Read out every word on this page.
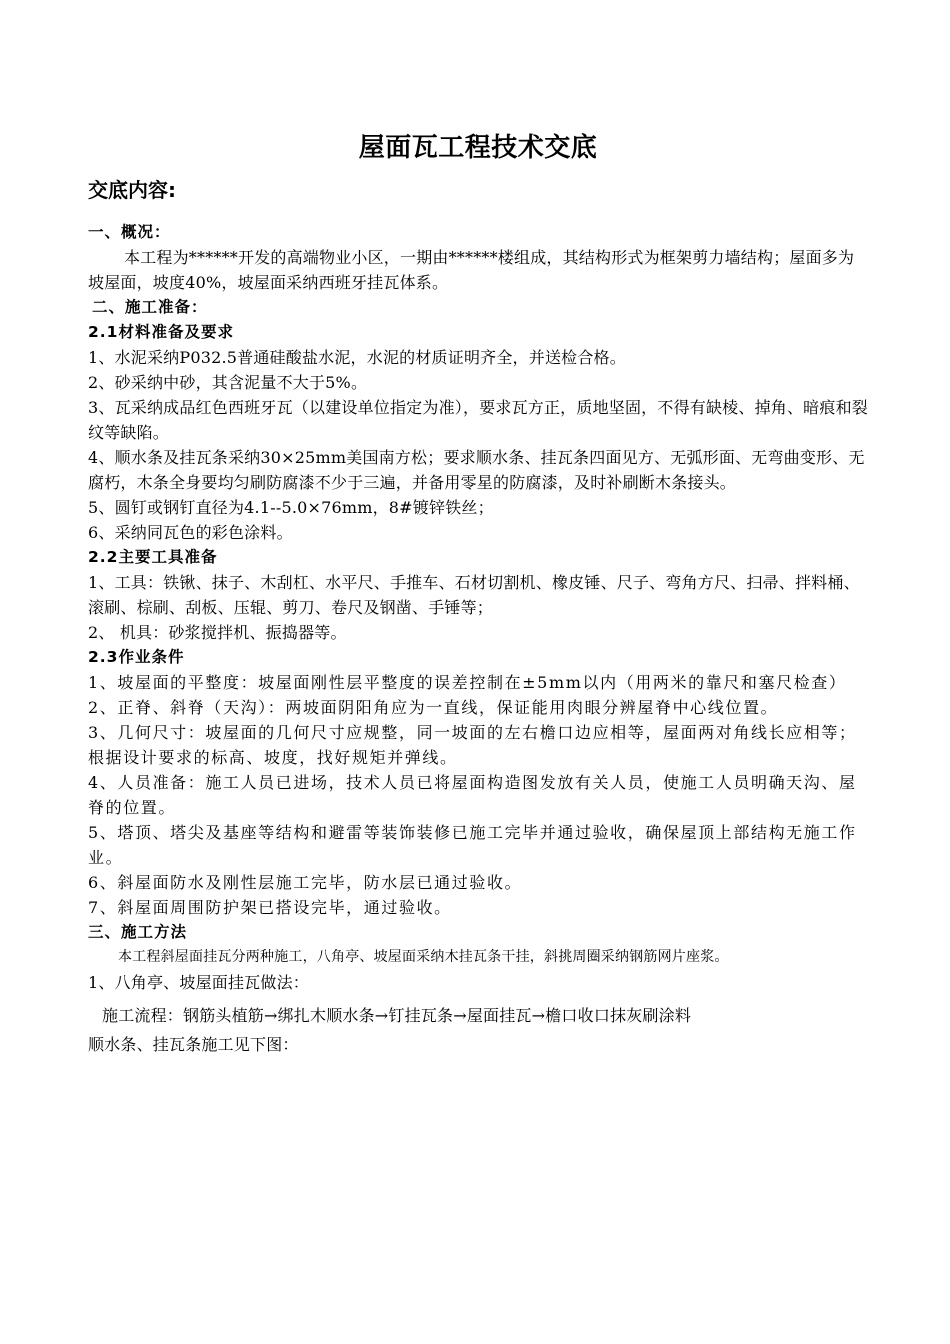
屋面瓦工程技术交底
交底内容:
一、概况：
本工程为******开发的高端物业小区，一期由******楼组成，其结构形式为框架剪力墙结构；屋面多为坡屋面，坡度40%，坡屋面采纳西班牙挂瓦体系。
二、施工准备：
2.1材料准备及要求
1、水泥采纳P032.5普通硅酸盐水泥，水泥的材质证明齐全，并送检合格。
2、砂采纳中砂，其含泥量不大于5%。
3、瓦采纳成品红色西班牙瓦（以建设单位指定为准），要求瓦方正，质地坚固，不得有缺棱、掉角、暗痕和裂纹等缺陷。
4、顺水条及挂瓦条采纳30×25mm美国南方松；要求顺水条、挂瓦条四面见方、无弧形面、无弯曲变形、无腐朽，木条全身要均匀刷防腐漆不少于三遍，并备用零星的防腐漆，及时补刷断木条接头。
5、圆钉或钢钉直径为4.1--5.0×76mm，8#镀锌铁丝；
6、采纳同瓦色的彩色涂料。
2.2主要工具准备
1、工具：铁锹、抹子、木刮杠、水平尺、手推车、石材切割机、橡皮锤、尺子、弯角方尺、扫帚、拌料桶、滚刷、棕刷、刮板、压辊、剪刀、卷尺及钢凿、手锤等；
2、 机具：砂浆搅拌机、振捣器等。
2.3作业条件
1、坡屋面的平整度：坡屋面刚性层平整度的误差控制在±5mm以内（用两米的靠尺和塞尺检查）
2、正脊、斜脊（天沟）：两坡面阴阳角应为一直线，保证能用肉眼分辨屋脊中心线位置。
3、几何尺寸：坡屋面的几何尺寸应规整，同一坡面的左右檐口边应相等，屋面两对角线长应相等；根据设计要求的标高、坡度，找好规矩并弹线。
4、人员准备：施工人员已进场，技术人员已将屋面构造图发放有关人员，使施工人员明确天沟、屋脊的位置。
5、塔顶、塔尖及基座等结构和避雷等装饰装修已施工完毕并通过验收，确保屋顶上部结构无施工作业。
6、斜屋面防水及刚性层施工完毕，防水层已通过验收。
7、斜屋面周围防护架已搭设完毕，通过验收。
三、施工方法
本工程斜屋面挂瓦分两种施工，八角亭、坡屋面采纳木挂瓦条干挂，斜挑周圈采纳钢筋网片座浆。
1、八角亭、坡屋面挂瓦做法：
施工流程：钢筋头植筋→绑扎木顺水条→钉挂瓦条→屋面挂瓦→檐口收口抹灰刷涂料
顺水条、挂瓦条施工见下图：
